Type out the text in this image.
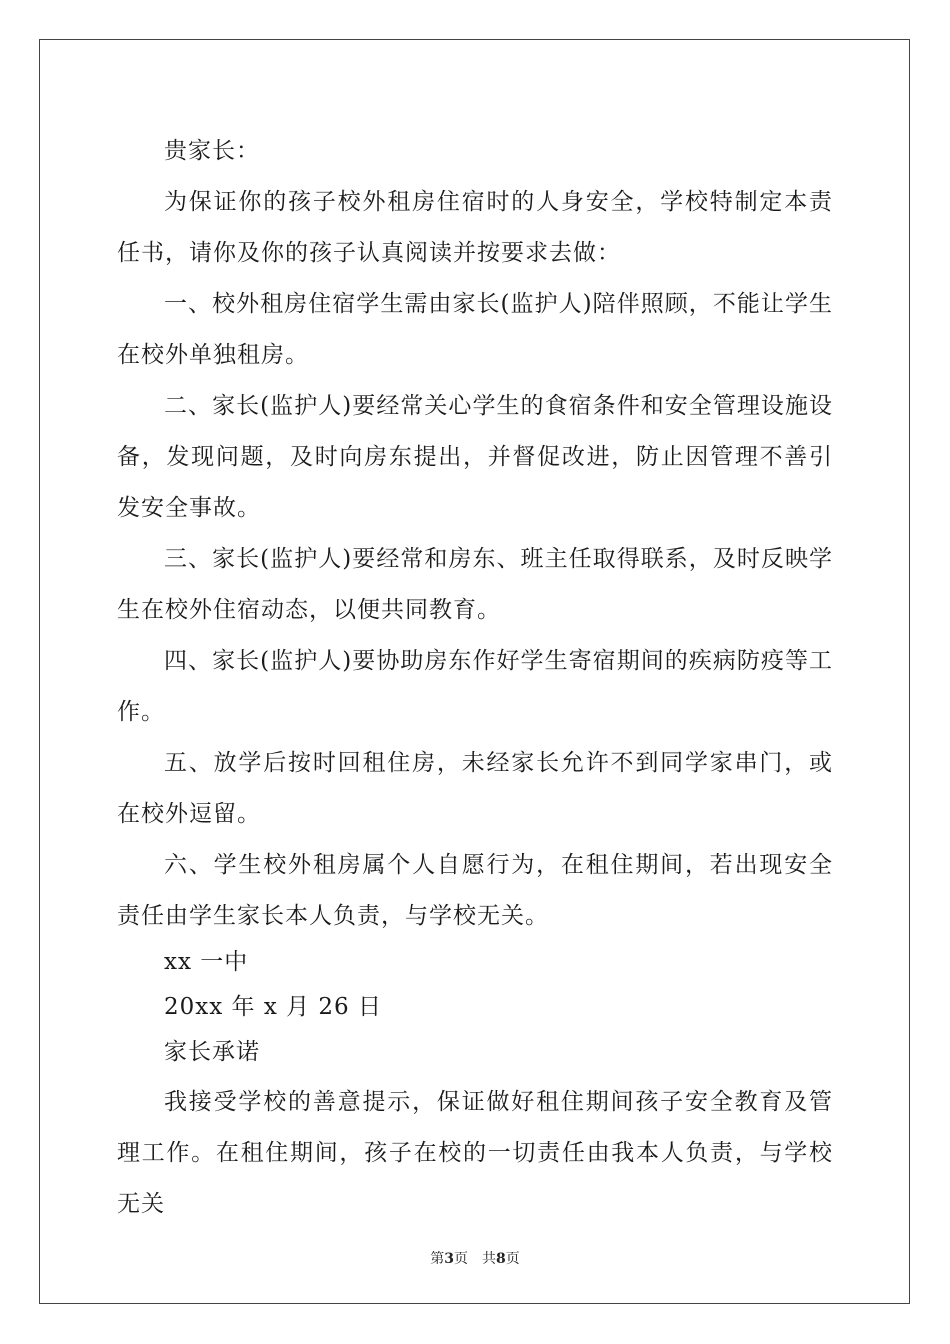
贵家长：

为保证你的孩子校外租房住宿时的人身安全，学校特制定本责任书，请你及你的孩子认真阅读并按要求去做：

一、校外租房住宿学生需由家长(监护人)陪伴照顾，不能让学生在校外单独租房。

二、家长(监护人)要经常关心学生的食宿条件和安全管理设施设备，发现问题，及时向房东提出，并督促改进，防止因管理不善引发安全事故。

三、家长(监护人)要经常和房东、班主任取得联系，及时反映学生在校外住宿动态，以便共同教育。

四、家长(监护人)要协助房东作好学生寄宿期间的疾病防疫等工作。

五、放学后按时回租住房，未经家长允许不到同学家串门，或在校外逗留。

六、学生校外租房属个人自愿行为，在租住期间，若出现安全责任由学生家长本人负责，与学校无关。

xx 一中

20xx 年 x 月 26 日

家长承诺

我接受学校的善意提示，保证做好租住期间孩子安全教育及管理工作。在租住期间，孩子在校的一切责任由我本人负责，与学校无关

第3页 共8页
